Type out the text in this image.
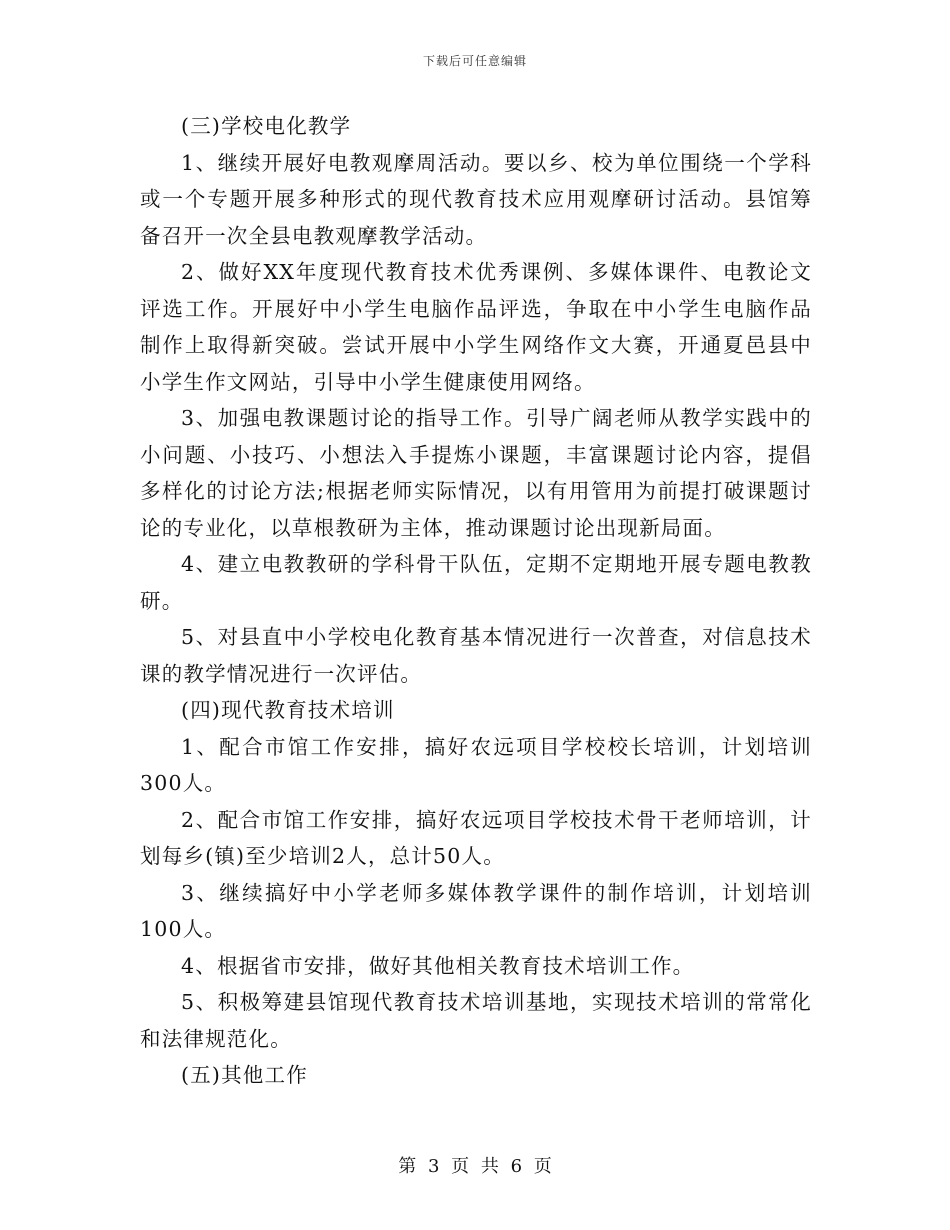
下载后可任意编辑

(三)学校电化教学

1、继续开展好电教观摩周活动。要以乡、校为单位围绕一个学科或一个专题开展多种形式的现代教育技术应用观摩研讨活动。县馆筹备召开一次全县电教观摩教学活动。

2、做好XX年度现代教育技术优秀课例、多媒体课件、电教论文评选工作。开展好中小学生电脑作品评选，争取在中小学生电脑作品制作上取得新突破。尝试开展中小学生网络作文大赛，开通夏邑县中小学生作文网站，引导中小学生健康使用网络。

3、加强电教课题讨论的指导工作。引导广阔老师从教学实践中的小问题、小技巧、小想法入手提炼小课题，丰富课题讨论内容，提倡多样化的讨论方法;根据老师实际情况，以有用管用为前提打破课题讨论的专业化，以草根教研为主体，推动课题讨论出现新局面。

4、建立电教教研的学科骨干队伍，定期不定期地开展专题电教教研。

5、对县直中小学校电化教育基本情况进行一次普查，对信息技术课的教学情况进行一次评估。

(四)现代教育技术培训

1、配合市馆工作安排，搞好农远项目学校校长培训，计划培训300人。

2、配合市馆工作安排，搞好农远项目学校技术骨干老师培训，计划每乡(镇)至少培训2人，总计50人。

3、继续搞好中小学老师多媒体教学课件的制作培训，计划培训100人。

4、根据省市安排，做好其他相关教育技术培训工作。

5、积极筹建县馆现代教育技术培训基地，实现技术培训的常常化和法律规范化。

(五)其他工作

第 3 页 共 6 页
